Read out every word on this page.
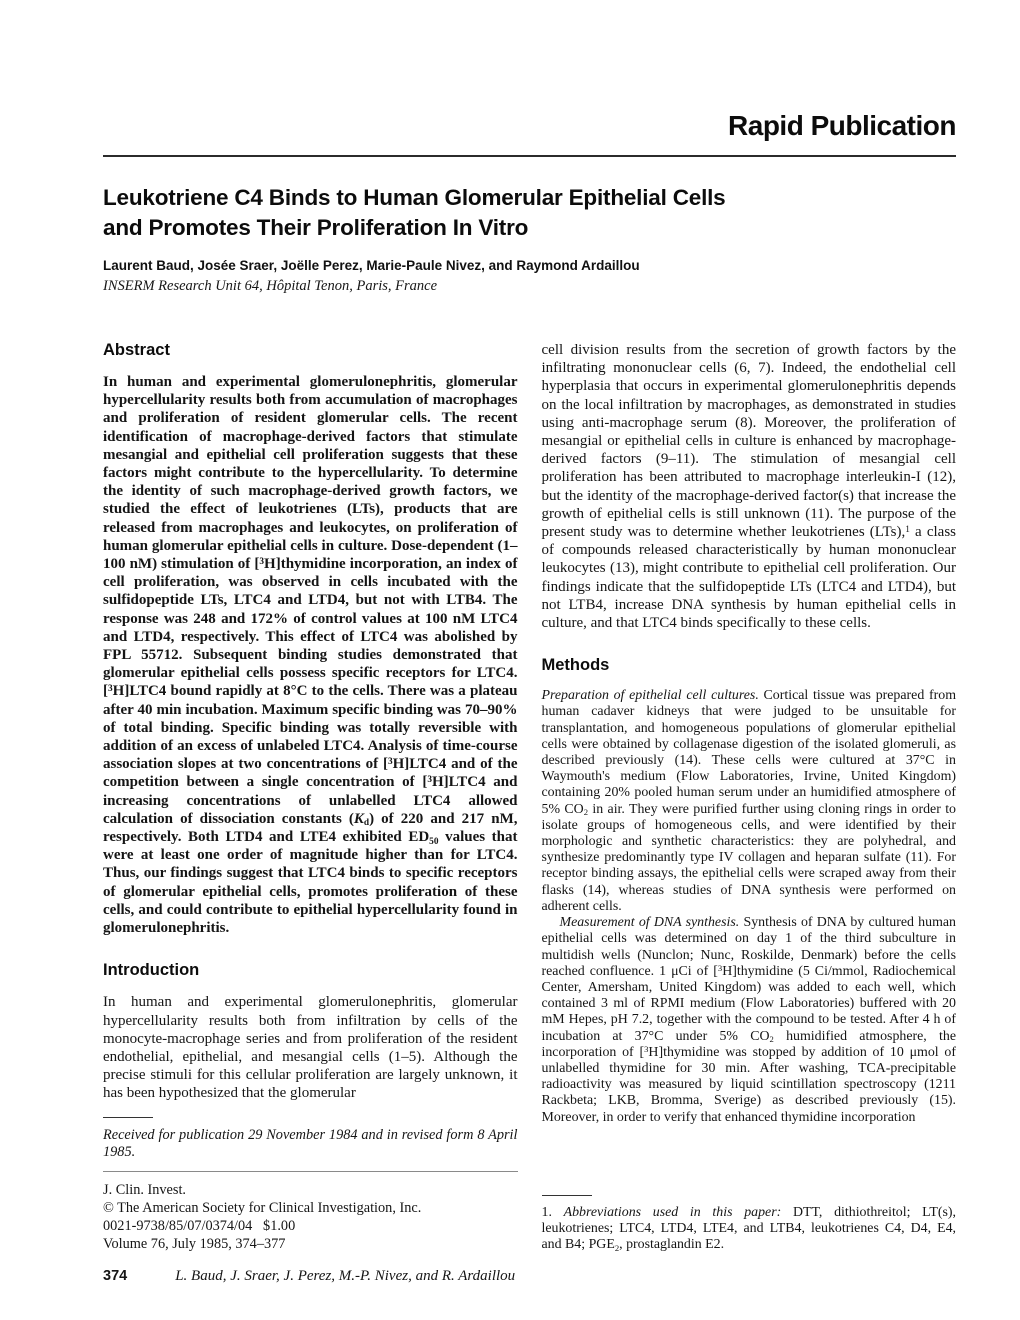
Rapid Publication
Leukotriene C4 Binds to Human Glomerular Epithelial Cells and Promotes Their Proliferation In Vitro
Laurent Baud, Josée Sraer, Joëlle Perez, Marie-Paule Nivez, and Raymond Ardaillou
INSERM Research Unit 64, Hôpital Tenon, Paris, France
Abstract

In human and experimental glomerulonephritis, glomerular hypercellularity results both from accumulation of macrophages and proliferation of resident glomerular cells. The recent identification of macrophage-derived factors that stimulate mesangial and epithelial cell proliferation suggests that these factors might contribute to the hypercellularity. To determine the identity of such macrophage-derived growth factors, we studied the effect of leukotrienes (LTs), products that are released from macrophages and leukocytes, on proliferation of human glomerular epithelial cells in culture. Dose-dependent (1–100 nM) stimulation of [$^3$H]thymidine incorporation, an index of cell proliferation, was observed in cells incubated with the sulfidopeptide LTs, LTC4 and LTD4, but not with LTB4. The response was 248 and 172% of control values at 100 nM LTC4 and LTD4, respectively. This effect of LTC4 was abolished by FPL 55712. Subsequent binding studies demonstrated that glomerular epithelial cells possess specific receptors for LTC4. [$^3$H]LTC4 bound rapidly at 8°C to the cells. There was a plateau after 40 min incubation. Maximum specific binding was 70–90% of total binding. Specific binding was totally reversible with addition of an excess of unlabeled LTC4. Analysis of time-course association slopes at two concentrations of [$^3$H]LTC4 and of the competition between a single concentration of [$^3$H]LTC4 and increasing concentrations of unlabelled LTC4 allowed calculation of dissociation constants $(K_d)$ of 220 and 217 nM, respectively. Both LTD4 and LTE4 exhibited $ED_{50}$ values that were at least one order of magnitude higher than for LTC4. Thus, our findings suggest that LTC4 binds to specific receptors of glomerular epithelial cells, promotes proliferation of these cells, and could contribute to epithelial hypercellularity found in glomerulonephritis.

Introduction

In human and experimental glomerulonephritis, glomerular hypercellularity results both from infiltration by cells of the monocyte-macrophage series and from proliferation of the resident endothelial, epithelial, and mesangial cells (1–5). Although the precise stimuli for this cellular proliferation are largely unknown, it has been hypothesized that the glomerular

Received for publication 29 November 1984 and in revised form 8 April 1985.

J. Clin. Invest.
© The American Society for Clinical Investigation, Inc.
0021-9738/85/07/0374/04   $1.00
Volume 76, July 1985, 374–377

cell division results from the secretion of growth factors by the infiltrating mononuclear cells (6, 7). Indeed, the endothelial cell hyperplasia that occurs in experimental glomerulonephritis depends on the local infiltration by macrophages, as demonstrated in studies using anti-macrophage serum (8). Moreover, the proliferation of mesangial or epithelial cells in culture is enhanced by macrophage-derived factors (9–11). The stimulation of mesangial cell proliferation has been attributed to macrophage interleukin-I (12), but the identity of the macrophage-derived factor(s) that increase the growth of epithelial cells is still unknown (11). The purpose of the present study was to determine whether leukotrienes (LTs),$^1$ a class of compounds released characteristically by human mononuclear leukocytes (13), might contribute to epithelial cell proliferation. Our findings indicate that the sulfidopeptide LTs (LTC4 and LTD4), but not LTB4, increase DNA synthesis by human epithelial cells in culture, and that LTC4 binds specifically to these cells.

Methods

Preparation of epithelial cell cultures. Cortical tissue was prepared from human cadaver kidneys that were judged to be unsuitable for transplantation, and homogeneous populations of glomerular epithelial cells were obtained by collagenase digestion of the isolated glomeruli, as described previously (14). These cells were cultured at 37°C in Waymouth's medium (Flow Laboratories, Irvine, United Kingdom) containing 20% pooled human serum under an humidified atmosphere of 5% $CO_2$ in air. They were purified further using cloning rings in order to isolate groups of homogeneous cells, and were identified by their morphologic and synthetic characteristics: they are polyhedral, and synthesize predominantly type IV collagen and heparan sulfate (11). For receptor binding assays, the epithelial cells were scraped away from their flasks (14), whereas studies of DNA synthesis were performed on adherent cells.

Measurement of DNA synthesis. Synthesis of DNA by cultured human epithelial cells was determined on day 1 of the third subculture in multidish wells (Nunclon; Nunc, Roskilde, Denmark) before the cells reached confluence. 1 μCi of [$^3$H]thymidine (5 Ci/mmol, Radiochemical Center, Amersham, United Kingdom) was added to each well, which contained 3 ml of RPMI medium (Flow Laboratories) buffered with 20 mM Hepes, pH 7.2, together with the compound to be tested. After 4 h of incubation at 37°C under 5% $CO_2$ humidified atmosphere, the incorporation of [$^3$H]thymidine was stopped by addition of 10 μmol of unlabelled thymidine for 30 min. After washing, TCA-precipitable radioactivity was measured by liquid scintillation spectroscopy (1211 Rackbeta; LKB, Bromma, Sverige) as described previously (15). Moreover, in order to verify that enhanced thymidine incorporation

1. Abbreviations used in this paper: DTT, dithiothreitol; LT(s), leukotrienes; LTC4, LTD4, LTE4, and LTB4, leukotrienes C4, D4, E4, and B4; $PGE_2$, prostaglandin E2.

374	L. Baud, J. Sraer, J. Perez, M.-P. Nivez, and R. Ardaillou
